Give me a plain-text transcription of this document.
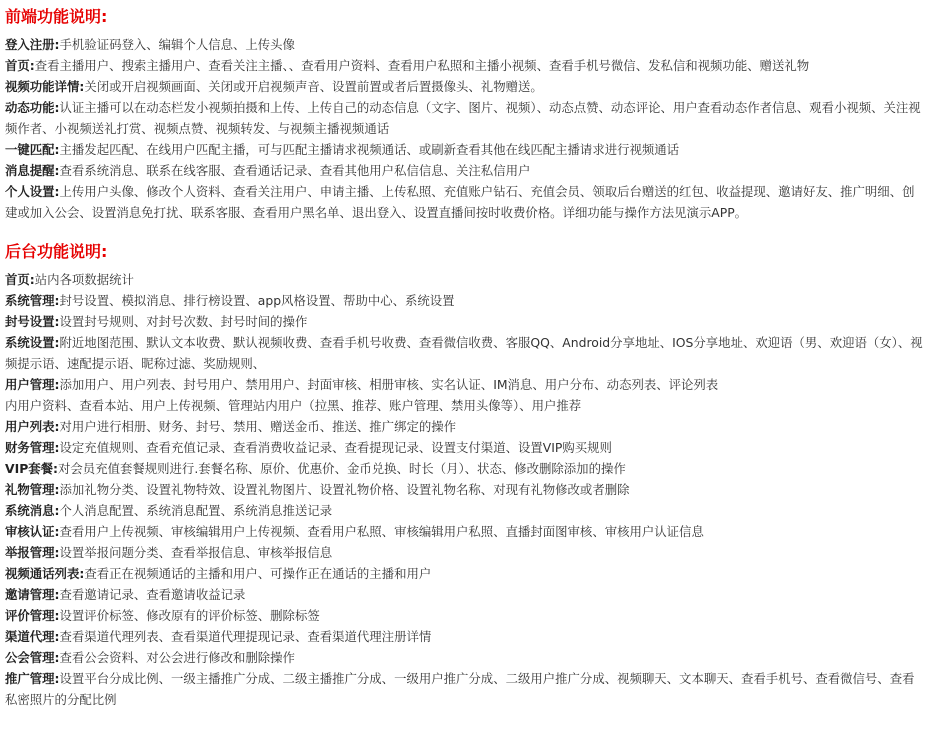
前端功能说明:

登入注册:手机验证码登入、编辑个人信息、上传头像

首页:查看主播用户、搜索主播用户、查看关注主播、、查看用户资料、查看用户私照和主播小视频、查看手机号微信、发私信和视频功能、赠送礼物

视频功能详情:关闭或开启视频画面、关闭或开启视频声音、设置前置或者后置摄像头、礼物赠送。

动态功能:认证主播可以在动态栏发小视频拍摄和上传、上传自己的动态信息（文字、图片、视频）、动态点赞、动态评论、用户查看动态作者信息、观看小视频、关注视频作者、小视频送礼打赏、视频点赞、视频转发、与视频主播视频通话

一键匹配:主播发起匹配、在线用户匹配主播，可与匹配主播请求视频通话、或刷新查看其他在线匹配主播请求进行视频通话

消息提醒:查看系统消息、联系在线客服、查看通话记录、查看其他用户私信信息、关注私信用户

个人设置:上传用户头像、修改个人资料、查看关注用户、申请主播、上传私照、充值账户钻石、充值会员、领取后台赠送的红包、收益提现、邀请好友、推广明细、创建或加入公会、设置消息免打扰、联系客服、查看用户黑名单、退出登入、设置直播间按时收费价格。详细功能与操作方法见演示APP。

后台功能说明:

首页:站内各项数据统计

系统管理:封号设置、模拟消息、排行榜设置、app风格设置、帮助中心、系统设置

封号设置:设置封号规则、对封号次数、封号时间的操作

系统设置:附近地图范围、默认文本收费、默认视频收费、查看手机号收费、查看微信收费、客服QQ、Android分享地址、IOS分享地址、欢迎语（男、欢迎语（女）、视频提示语、速配提示语、昵称过滤、奖励规则、

用户管理:添加用户、用户列表、封号用户、禁用用户、封面审核、相册审核、实名认证、IM消息、用户分布、动态列表、评论列表

内用户资料、查看本站、用户上传视频、管理站内用户（拉黑、推荐、账户管理、禁用头像等）、用户推荐

用户列表:对用户进行相册、财务、封号、禁用、赠送金币、推送、推广绑定的操作

财务管理:设定充值规则、查看充值记录、查看消费收益记录、查看提现记录、设置支付渠道、设置VIP购买规则

VIP套餐:对会员充值套餐规则进行.套餐名称、原价、优惠价、金币兑换、时长（月）、状态、修改删除添加的操作

礼物管理:添加礼物分类、设置礼物特效、设置礼物图片、设置礼物价格、设置礼物名称、对现有礼物修改或者删除

系统消息:个人消息配置、系统消息配置、系统消息推送记录

审核认证:查看用户上传视频、审核编辑用户上传视频、查看用户私照、审核编辑用户私照、直播封面图审核、审核用户认证信息

举报管理:设置举报问题分类、查看举报信息、审核举报信息

视频通话列表:查看正在视频通话的主播和用户、可操作正在通话的主播和用户

邀请管理:查看邀请记录、查看邀请收益记录

评价管理:设置评价标签、修改原有的评价标签、删除标签

渠道代理:查看渠道代理列表、查看渠道代理提现记录、查看渠道代理注册详情

公会管理:查看公会资料、对公会进行修改和删除操作

推广管理:设置平台分成比例、一级主播推广分成、二级主播推广分成、一级用户推广分成、二级用户推广分成、视频聊天、文本聊天、查看手机号、查看微信号、查看私密照片的分配比例
